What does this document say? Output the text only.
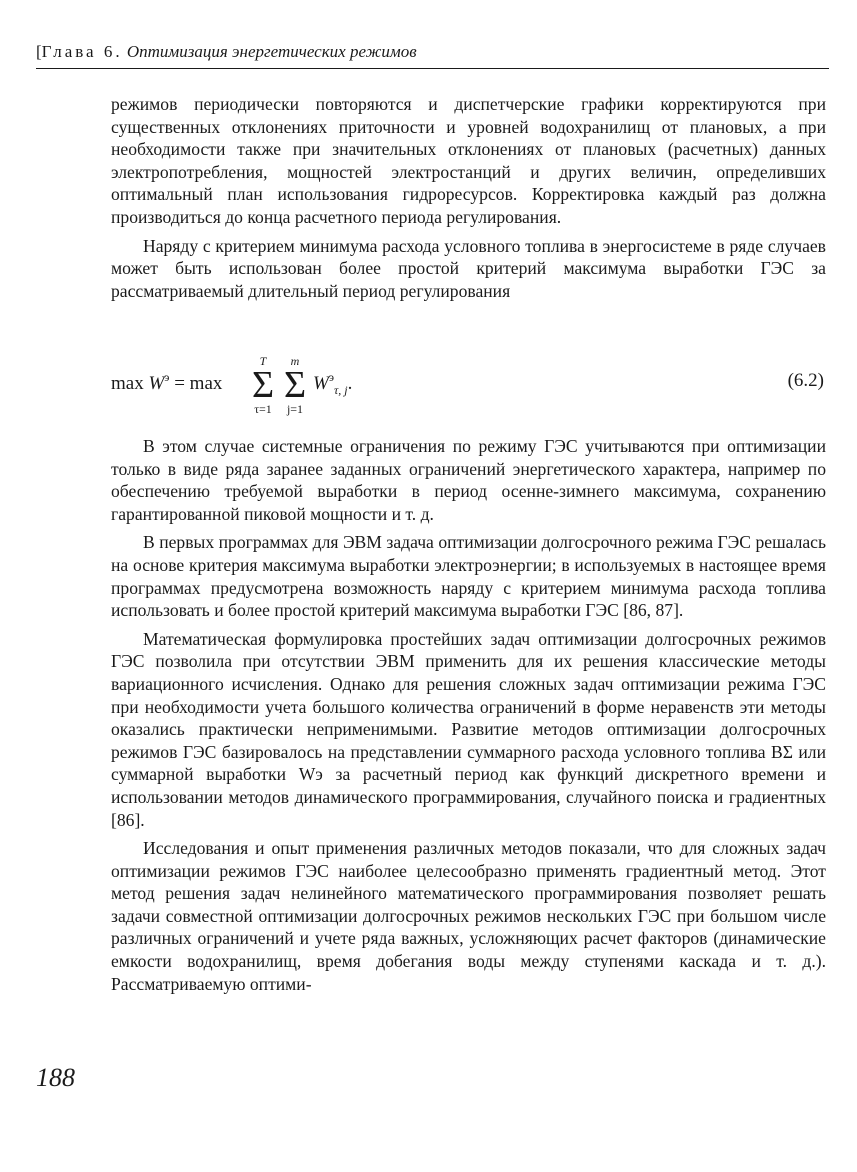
[Глава 6. Оптимизация энергетических режимов

режимов периодически повторяются и диспетчерские графики корректируются при существенных отклонениях приточности и уровней водохранилищ от плановых, а при необходимости также при значительных отклонениях от плановых (расчетных) данных электропотребления, мощностей электростанций и других величин, определивших оптимальный план использования гидроресурсов. Корректировка каждый раз должна производиться до конца расчетного периода регулирования.

Наряду с критерием минимума расхода условного топлива в энергосистеме в ряде случаев может быть использован более простой критерий максимума выработки ГЭС за рассматриваемый длительный период регулирования

$\max W^э = \max$
T
Σ
τ=1
m
Σ
j=1
$W^э_{\tau, j}$.	(6.2)

В этом случае системные ограничения по режиму ГЭС учитываются при оптимизации только в виде ряда заранее заданных ограничений энергетического характера, например по обеспечению требуемой выработки в период осенне-зимнего максимума, сохранению гарантированной пиковой мощности и т. д.

В первых программах для ЭВМ задача оптимизации долгосрочного режима ГЭС решалась на основе критерия максимума выработки электроэнергии; в используемых в настоящее время программах предусмотрена возможность наряду с критерием минимума расхода топлива использовать и более простой критерий максимума выработки ГЭС [86, 87].

Математическая формулировка простейших задач оптимизации долгосрочных режимов ГЭС позволила при отсутствии ЭВМ применить для их решения классические методы вариационного исчисления. Однако для решения сложных задач оптимизации режима ГЭС при необходимости учета большого количества ограничений в форме неравенств эти методы оказались практически неприменимыми. Развитие методов оптимизации долгосрочных режимов ГЭС базировалось на представлении суммарного расхода условного топлива BΣ или суммарной выработки Wэ за расчетный период как функций дискретного времени и использовании методов динамического программирования, случайного поиска и градиентных [86].

Исследования и опыт применения различных методов показали, что для сложных задач оптимизации режимов ГЭС наиболее целесообразно применять градиентный метод. Этот метод решения задач нелинейного математического программирования позволяет решать задачи совместной оптимизации долгосрочных режимов нескольких ГЭС при большом числе различных ограничений и учете ряда важных, усложняющих расчет факторов (динамические емкости водохранилищ, время добегания воды между ступенями каскада и т. д.). Рассматриваемую оптими-

188
